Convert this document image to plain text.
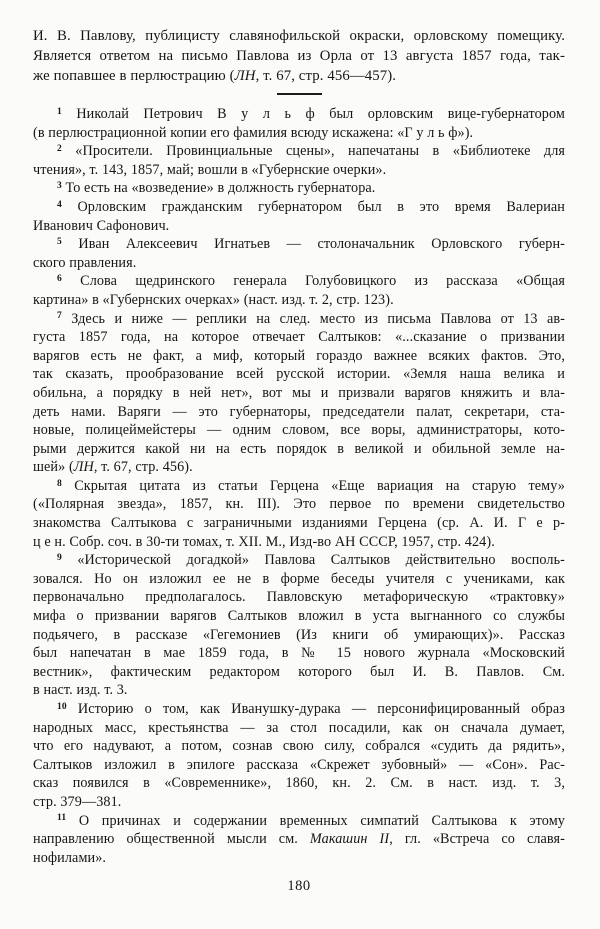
И. В. Павлову, публицисту славянофильской окраски, орловскому помещику.
Является ответом на письмо Павлова из Орла от 13 августа 1857 года, так-
же попавшее в перлюстрацию (ЛН, т. 67, стр. 456—457).
$^1$ Николай Петрович В у л ь ф был орловским вице-губернатором
(в перлюстрационной копии его фамилия всюду искажена: «Г у л ь ф»).
$^2$ «Просители. Провинциальные сцены», напечатаны в «Библиотеке для
чтения», т. 143, 1857, май; вошли в «Губернские очерки».
$^3$ То есть на «возведение» в должность губернатора.
$^4$ Орловским гражданским губернатором был в это время Валериан
Иванович Сафонович.
$^5$ Иван Алексеевич Игнатьев — столоначальник Орловского губерн-
ского правления.
$^6$ Слова щедринского генерала Голубовицкого из рассказа «Общая
картина» в «Губернских очерках» (наст. изд. т. 2, стр. 123).
$^7$ Здесь и ниже — реплики на след. место из письма Павлова от 13 ав-
густа 1857 года, на которое отвечает Салтыков: «...сказание о призвании
варягов есть не факт, а миф, который гораздо важнее всяких фактов. Это,
так сказать, прообразование всей русской истории. «Земля наша велика и
обильна, а порядку в ней нет», вот мы и призвали варягов княжить и вла-
деть нами. Варяги — это губернаторы, председатели палат, секретари, ста-
новые, полицеймейстеры — одним словом, все воры, администраторы, кото-
рыми держится какой ни на есть порядок в великой и обильной земле на-
шей» (ЛН, т. 67, стр. 456).
$^8$ Скрытая цитата из статьи Герцена «Еще вариация на старую тему»
(«Полярная звезда», 1857, кн. III). Это первое по времени свидетельство
знакомства Салтыкова с заграничными изданиями Герцена (ср. А. И. Г е р-
ц е н. Собр. соч. в 30-ти томах, т. XII. М., Изд-во АН СССР, 1957, стр. 424).
$^9$ «Исторической догадкой» Павлова Салтыков действительно восполь-
зовался. Но он изложил ее не в форме беседы учителя с учениками, как
первоначально предполагалось. Павловскую метафорическую «трактовку»
мифа о призвании варягов Салтыков вложил в уста выгнанного со службы
подьячего, в рассказе «Гегемониев (Из книги об умирающих)». Рассказ
был напечатан в мае 1859 года, в № 15 нового журнала «Московский
вестник», фактическим редактором которого был И. В. Павлов. См.
в наст. изд. т. 3.
$^{10}$ Историю о том, как Иванушку-дурака — персонифицированный образ
народных масс, крестьянства — за стол посадили, как он сначала думает,
что его надувают, а потом, сознав свою силу, собрался «судить да рядить»,
Салтыков изложил в эпилоге рассказа «Скрежет зубовный» — «Сон». Рас-
сказ появился в «Современнике», 1860, кн. 2. См. в наст. изд. т. 3,
стр. 379—381.
$^{11}$ О причинах и содержании временных симпатий Салтыкова к этому
направлению общественной мысли см. Макашин II, гл. «Встреча со славя-
нофилами».
180
